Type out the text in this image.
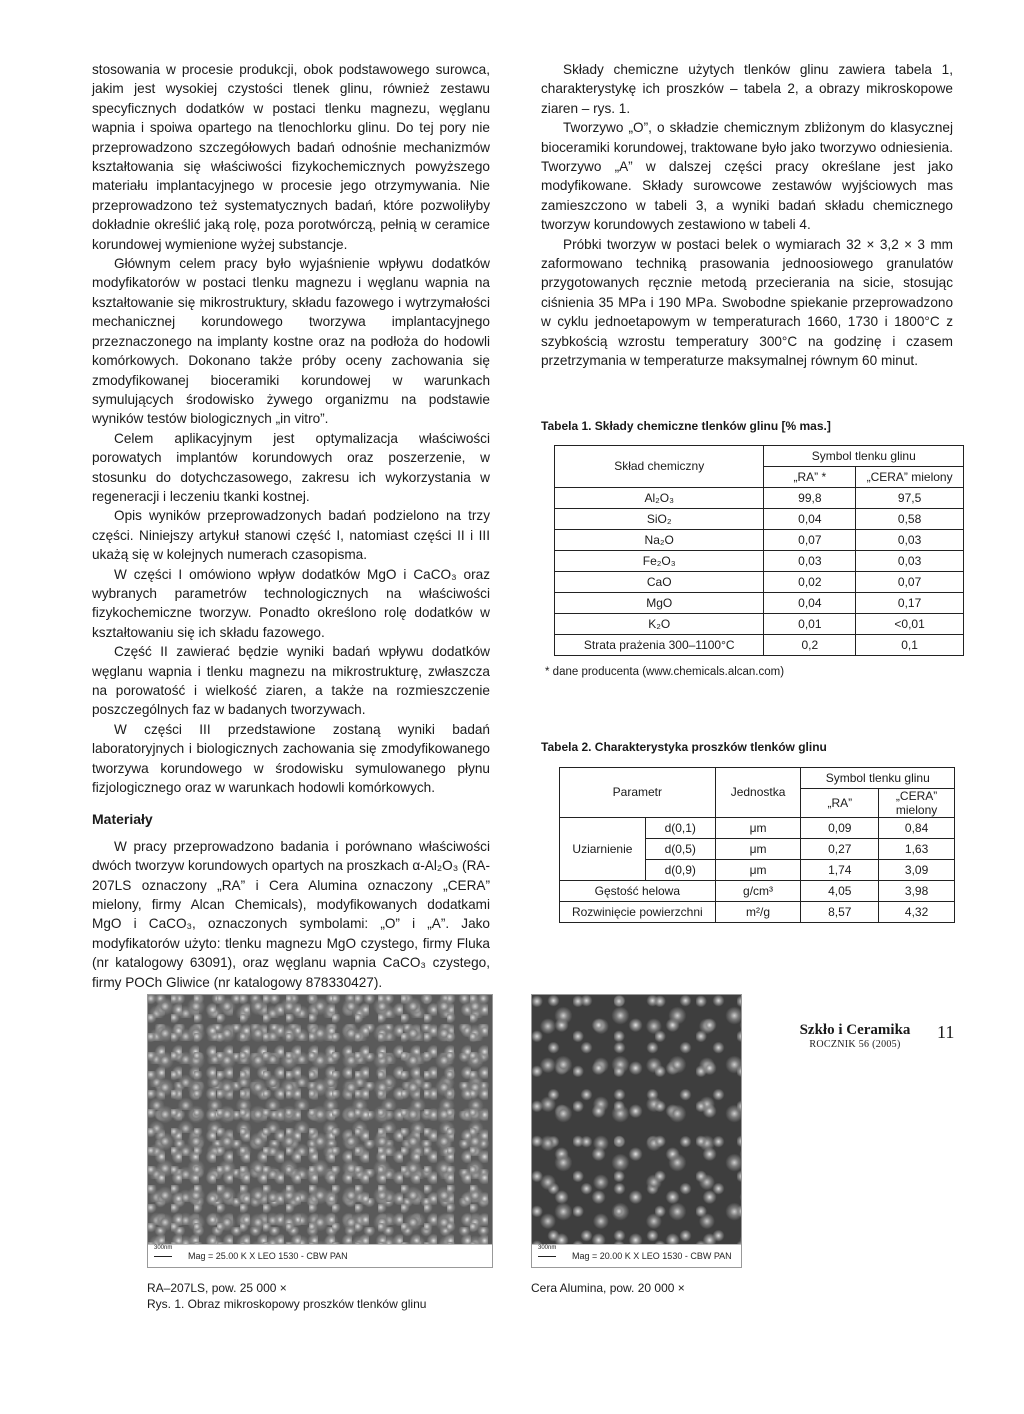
stosowania w procesie produkcji, obok podstawowego surowca, jakim jest wysokiej czystości tlenek glinu, również zestawu specyficznych dodatków w postaci tlenku magnezu, węglanu wapnia i spoiwa opartego na tlenochlorku glinu. Do tej pory nie przeprowadzono szczegółowych badań odnośnie mechanizmów kształtowania się właściwości fizykochemicznych powyższego materiału implantacyjnego w procesie jego otrzymywania. Nie przeprowadzono też systematycznych badań, które pozwoliłyby dokładnie określić jaką rolę, poza porotwórczą, pełnią w ceramice korundowej wymienione wyżej substancje.

Głównym celem pracy było wyjaśnienie wpływu dodatków modyfikatorów w postaci tlenku magnezu i węglanu wapnia na kształtowanie się mikrostruktury, składu fazowego i wytrzymałości mechanicznej korundowego tworzywa implantacyjnego przeznaczonego na implanty kostne oraz na podłoża do hodowli komórkowych. Dokonano także próby oceny zachowania się zmodyfikowanej bioceramiki korundowej w warunkach symulujących środowisko żywego organizmu na podstawie wyników testów biologicznych „in vitro”.

Celem aplikacyjnym jest optymalizacja właściwości porowatych implantów korundowych oraz poszerzenie, w stosunku do dotychczasowego, zakresu ich wykorzystania w regeneracji i leczeniu tkanki kostnej.

Opis wyników przeprowadzonych badań podzielono na trzy części. Niniejszy artykuł stanowi część I, natomiast części II i III ukażą się w kolejnych numerach czasopisma.

W części I omówiono wpływ dodatków MgO i CaCO₃ oraz wybranych parametrów technologicznych na właściwości fizykochemiczne tworzyw. Ponadto określono rolę dodatków w kształtowaniu się ich składu fazowego.

Część II zawierać będzie wyniki badań wpływu dodatków węglanu wapnia i tlenku magnezu na mikrostrukturę, zwłaszcza na porowatość i wielkość ziaren, a także na rozmieszczenie poszczególnych faz w badanych tworzywach.

W części III przedstawione zostaną wyniki badań laboratoryjnych i biologicznych zachowania się zmodyfikowanego tworzywa korundowego w środowisku symulowanego płynu fizjologicznego oraz w warunkach hodowli komórkowych.

Materiały

W pracy przeprowadzono badania i porównano właściwości dwóch tworzyw korundowych opartych na proszkach α-Al₂O₃ (RA-207LS oznaczony „RA” i Cera Alumina oznaczony „CERA” mielony, firmy Alcan Chemicals), modyfikowanych dodatkami MgO i CaCO₃, oznaczonych symbolami: „O” i „A”. Jako modyfikatorów użyto: tlenku magnezu MgO czystego, firmy Fluka (nr katalogowy 63091), oraz węglanu wapnia CaCO₃ czystego, firmy POCh Gliwice (nr katalogowy 878330427).

Składy chemiczne użytych tlenków glinu zawiera tabela 1, charakterystykę ich proszków – tabela 2, a obrazy mikroskopowe ziaren – rys. 1.

Tworzywo „O”, o składzie chemicznym zbliżonym do klasycznej bioceramiki korundowej, traktowane było jako tworzywo odniesienia. Tworzywo „A” w dalszej części pracy określane jest jako modyfikowane. Składy surowcowe zestawów wyjściowych mas zamieszczono w tabeli 3, a wyniki badań składu chemicznego tworzyw korundowych zestawiono w tabeli 4.

Próbki tworzyw w postaci belek o wymiarach 32 × 3,2 × 3 mm zaformowano techniką prasowania jednoosiowego granulatów przygotowanych ręcznie metodą przecierania na sicie, stosując ciśnienia 35 MPa i 190 MPa. Swobodne spiekanie przeprowadzono w cyklu jednoetapowym w temperaturach 1660, 1730 i 1800°C z szybkością wzrostu temperatury 300°C na godzinę i czasem przetrzymania w temperaturze maksymalnej równym 60 minut.

Tabela 1. Składy chemiczne tlenków glinu [% mas.]
Skład chemiczny	Symbol tlenku glinu	
	„RA” *	„CERA” mielony
Al₂O₃	99,8	97,5
SiO₂	0,04	0,58
Na₂O	0,07	0,03
Fe₂O₃	0,03	0,03
CaO	0,02	0,07
MgO	0,04	0,17
K₂O	0,01	<0,01
Strata prażenia 300–1100°C	0,2	0,1
* dane producenta (www.chemicals.alcan.com)
Tabela 2. Charakterystyka proszków tlenków glinu
Parametr		Jednostka	Symbol tlenku glinu	
			„RA”	„CERA” mielony
Uziarnienie	d(0,1)	μm	0,09	0,84
	d(0,5)	μm	0,27	1,63
	d(0,9)	μm	1,74	3,09
Gęstość helowa		g/cm³	4,05	3,98
Rozwinięcie powierzchni		m²/g	8,57	4,32
300nm
Mag = 25.00 K X LEO 1530 - CBW PAN
300nm
Mag = 20.00 K X LEO 1530 - CBW PAN
RA–207LS, pow. 25 000 ×
Rys. 1. Obraz mikroskopowy proszków tlenków glinu
Cera Alumina, pow. 20 000 ×
Szkło i Ceramika
ROCZNIK 56 (2005)
11
